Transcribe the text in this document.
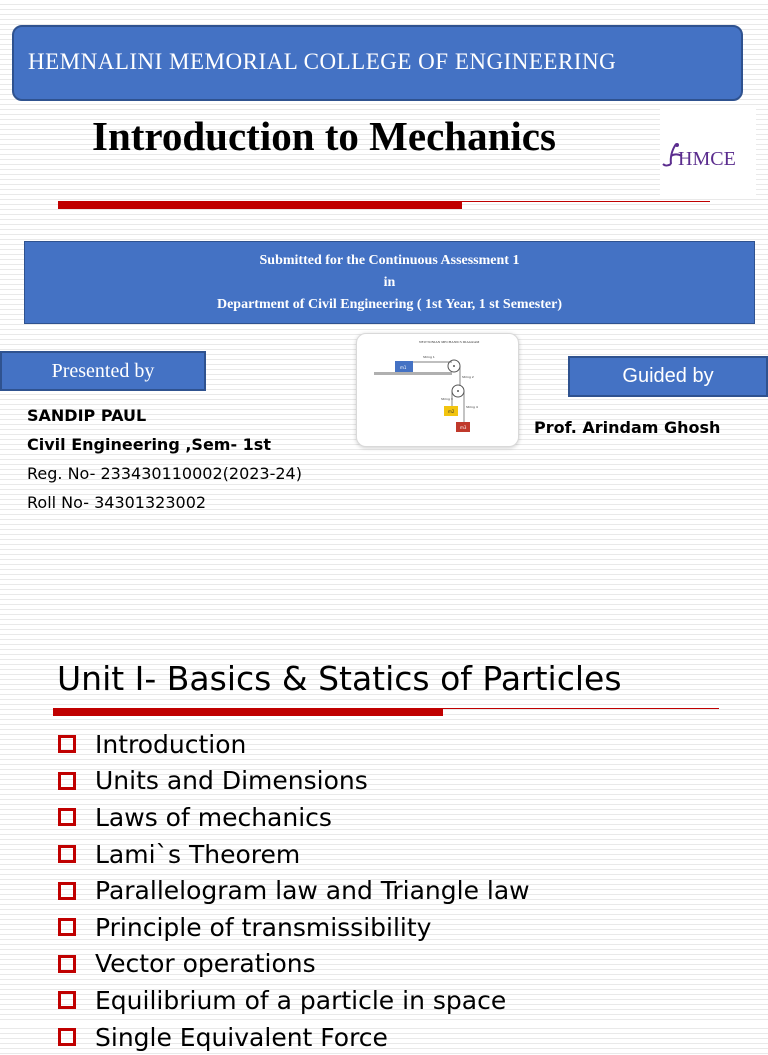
HEMNALINI MEMORIAL COLLEGE OF ENGINEERING
Introduction to Mechanics	HMCE
Submitted for the Continuous Assessment 1
in
Department of Civil Engineering ( 1st Year, 1 st Semester)
Presented by	Guided by
SANDIP PAUL
Civil Engineering ,Sem- 1st
Reg. No- 233430110002(2023-24)
Roll No- 34301323002
Prof. Arindam Ghosh
NEWTONIAN MECHANICS DIAGRAM
m1
String 1
String 2
String 3
m2
String 4
m3
Unit I- Basics & Statics of Particles
Introduction
Units and Dimensions
Laws of mechanics
Lami`s Theorem
Parallelogram law and Triangle law
Principle of transmissibility
Vector operations
Equilibrium of a particle in space
Single Equivalent Force
